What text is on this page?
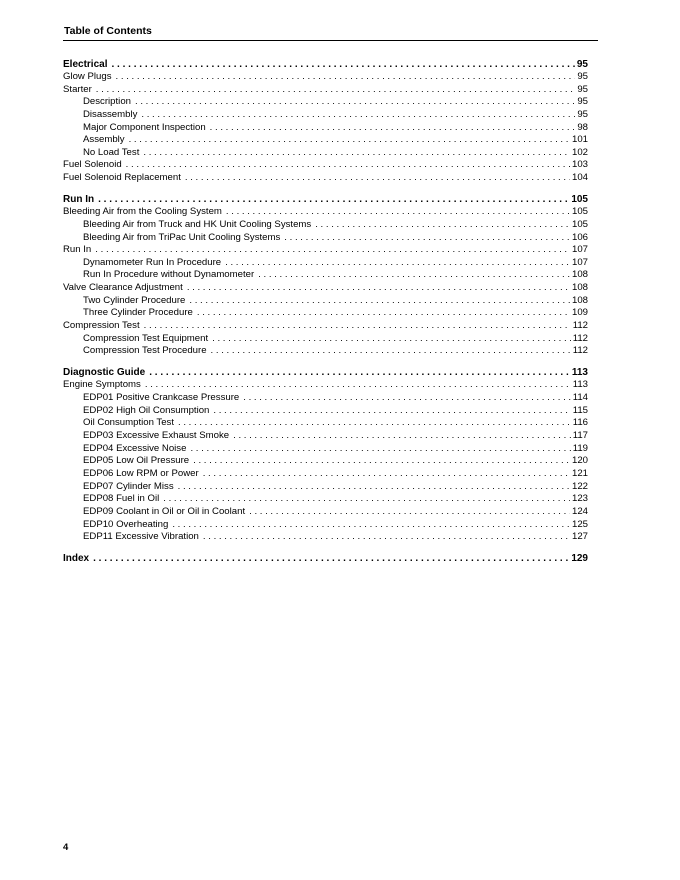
Table of Contents
Electrical . . .	95
Glow Plugs . . .	95
Starter . . .	95
Description . . .	95
Disassembly . . .	95
Major Component Inspection . . .	98
Assembly . . .	101
No Load Test . . .	102
Fuel Solenoid . . .	103
Fuel Solenoid Replacement . . .	104
Run In . . .	105
Bleeding Air from the Cooling System . . .	105
Bleeding Air from Truck and HK Unit Cooling Systems . . .	105
Bleeding Air from TriPac Unit Cooling Systems . . .	106
Run In . . .	107
Dynamometer Run In Procedure . . .	107
Run In Procedure without Dynamometer . . .	108
Valve Clearance Adjustment . . .	108
Two Cylinder Procedure . . .	108
Three Cylinder Procedure . . .	109
Compression Test . . .	112
Compression Test Equipment . . .	112
Compression Test Procedure . . .	112
Diagnostic Guide . . .	113
Engine Symptoms . . .	113
EDP01 Positive Crankcase Pressure . . .	114
EDP02 High Oil Consumption . . .	115
Oil Consumption Test . . .	116
EDP03 Excessive Exhaust Smoke . . .	117
EDP04 Excessive Noise . . .	119
EDP05 Low Oil Pressure . . .	120
EDP06 Low RPM or Power . . .	121
EDP07 Cylinder Miss . . .	122
EDP08 Fuel in Oil . . .	123
EDP09 Coolant in Oil or Oil in Coolant . . .	124
EDP10 Overheating . . .	125
EDP11 Excessive Vibration . . .	127
Index . . .	129
4
